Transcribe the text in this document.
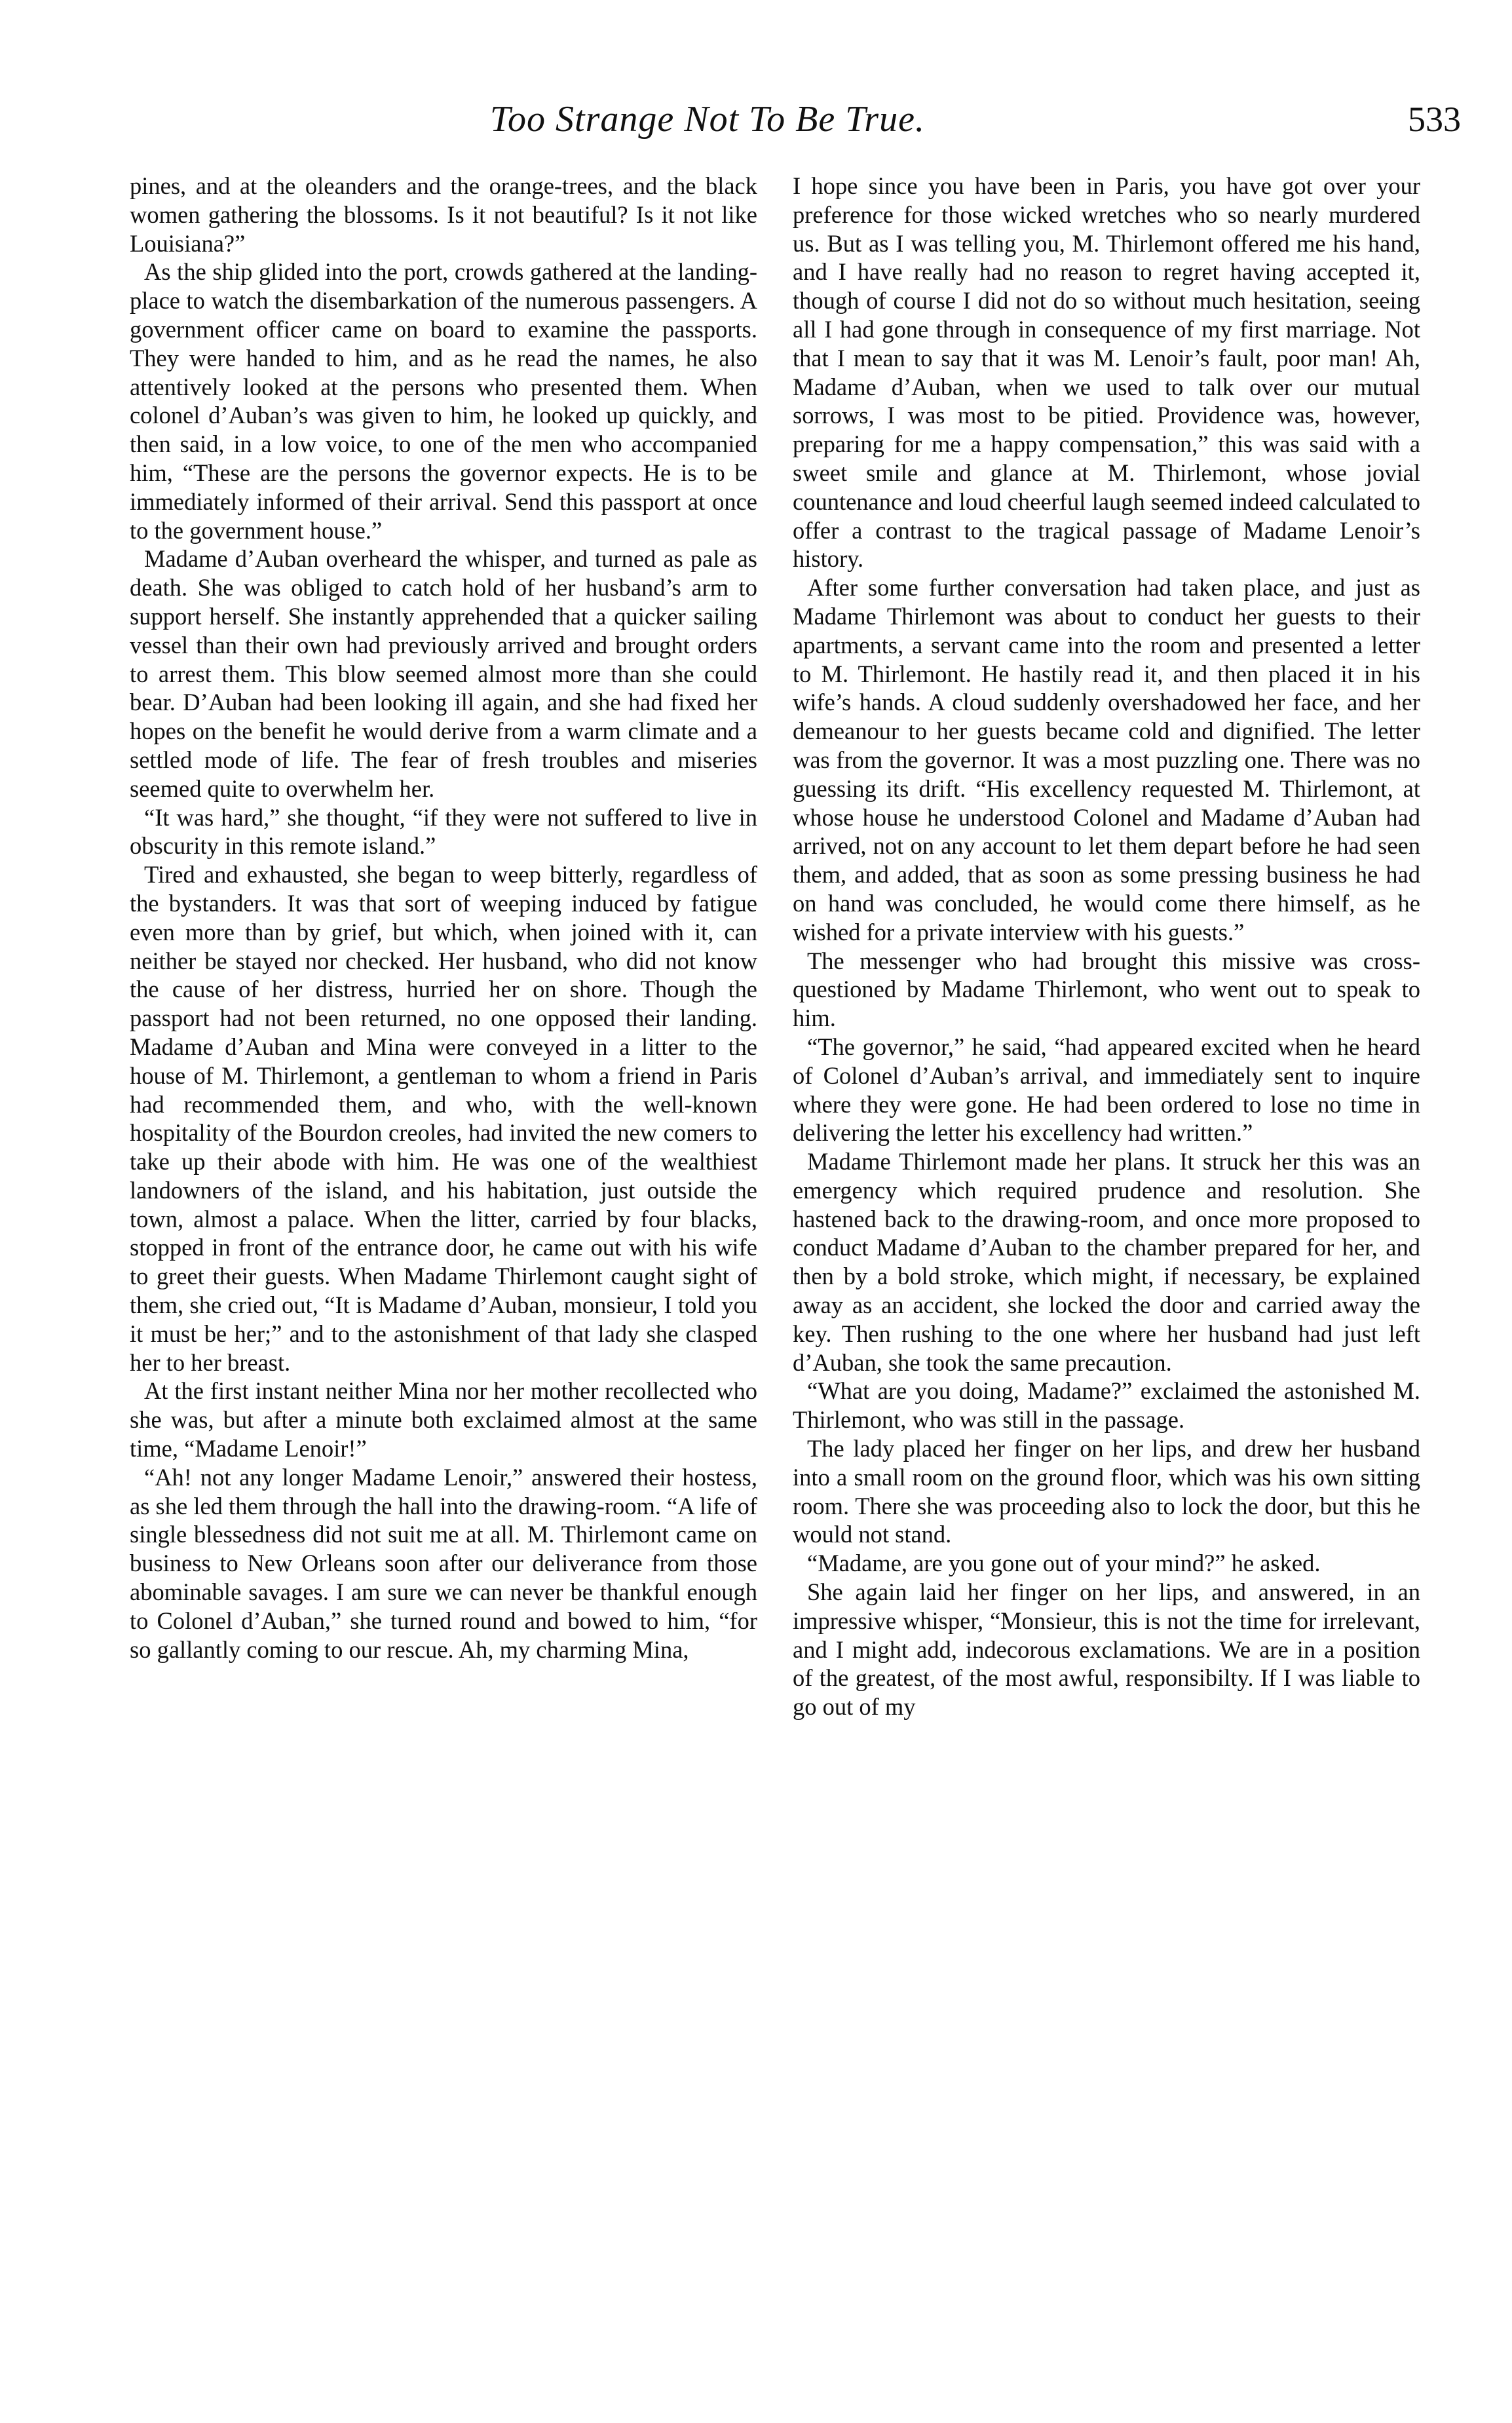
Too Strange Not To Be True.	533

pines, and at the oleanders and the orange-trees, and the black women gathering the blossoms. Is it not beautiful? Is it not like Louisiana?”

As the ship glided into the port, crowds gathered at the landing-place to watch the disembarkation of the numerous passengers. A government officer came on board to examine the passports. They were handed to him, and as he read the names, he also attentively looked at the persons who presented them. When colonel d’Auban’s was given to him, he looked up quickly, and then said, in a low voice, to one of the men who accompanied him, “These are the persons the governor expects. He is to be immediately informed of their arrival. Send this passport at once to the government house.”

Madame d’Auban overheard the whisper, and turned as pale as death. She was obliged to catch hold of her husband’s arm to support herself. She instantly apprehended that a quicker sailing vessel than their own had previously arrived and brought orders to arrest them. This blow seemed almost more than she could bear. D’Auban had been looking ill again, and she had fixed her hopes on the benefit he would derive from a warm climate and a settled mode of life. The fear of fresh troubles and miseries seemed quite to overwhelm her.

“It was hard,” she thought, “if they were not suffered to live in obscurity in this remote island.”

Tired and exhausted, she began to weep bitterly, regardless of the bystanders. It was that sort of weeping induced by fatigue even more than by grief, but which, when joined with it, can neither be stayed nor checked. Her husband, who did not know the cause of her distress, hurried her on shore. Though the passport had not been returned, no one opposed their landing. Madame d’Auban and Mina were conveyed in a litter to the house of M. Thirlemont, a gentleman to whom a friend in Paris had recommended them, and who, with the well-known hospitality of the Bourdon creoles, had invited the new comers to take up their abode with him. He was one of the wealthiest landowners of the island, and his habitation, just outside the town, almost a palace. When the litter, carried by four blacks, stopped in front of the entrance door, he came out with his wife to greet their guests. When Madame Thirlemont caught sight of them, she cried out, “It is Madame d’Auban, monsieur, I told you it must be her;” and to the astonishment of that lady she clasped her to her breast.

At the first instant neither Mina nor her mother recollected who she was, but after a minute both exclaimed almost at the same time, “Madame Lenoir!”

“Ah! not any longer Madame Lenoir,” answered their hostess, as she led them through the hall into the drawing-room. “A life of single blessedness did not suit me at all. M. Thirlemont came on business to New Orleans soon after our deliverance from those abominable savages. I am sure we can never be thankful enough to Colonel d’Auban,” she turned round and bowed to him, “for so gallantly coming to our rescue. Ah, my charming Mina,

I hope since you have been in Paris, you have got over your preference for those wicked wretches who so nearly murdered us. But as I was telling you, M. Thirlemont offered me his hand, and I have really had no reason to regret having accepted it, though of course I did not do so without much hesitation, seeing all I had gone through in consequence of my first marriage. Not that I mean to say that it was M. Lenoir’s fault, poor man! Ah, Madame d’Auban, when we used to talk over our mutual sorrows, I was most to be pitied. Providence was, however, preparing for me a happy compensation,” this was said with a sweet smile and glance at M. Thirlemont, whose jovial countenance and loud cheerful laugh seemed indeed calculated to offer a contrast to the tragical passage of Madame Lenoir’s history.

After some further conversation had taken place, and just as Madame Thirlemont was about to conduct her guests to their apartments, a servant came into the room and presented a letter to M. Thirlemont. He hastily read it, and then placed it in his wife’s hands. A cloud suddenly overshadowed her face, and her demeanour to her guests became cold and dignified. The letter was from the governor. It was a most puzzling one. There was no guessing its drift. “His excellency requested M. Thirlemont, at whose house he understood Colonel and Madame d’Auban had arrived, not on any account to let them depart before he had seen them, and added, that as soon as some pressing business he had on hand was concluded, he would come there himself, as he wished for a private interview with his guests.”

The messenger who had brought this missive was cross-questioned by Madame Thirlemont, who went out to speak to him.

“The governor,” he said, “had appeared excited when he heard of Colonel d’Auban’s arrival, and immediately sent to inquire where they were gone. He had been ordered to lose no time in delivering the letter his excellency had written.”

Madame Thirlemont made her plans. It struck her this was an emergency which required prudence and resolution. She hastened back to the drawing-room, and once more proposed to conduct Madame d’Auban to the chamber prepared for her, and then by a bold stroke, which might, if necessary, be explained away as an accident, she locked the door and carried away the key. Then rushing to the one where her husband had just left d’Auban, she took the same precaution.

“What are you doing, Madame?” exclaimed the astonished M. Thirlemont, who was still in the passage.

The lady placed her finger on her lips, and drew her husband into a small room on the ground floor, which was his own sitting room. There she was proceeding also to lock the door, but this he would not stand.

“Madame, are you gone out of your mind?” he asked.

She again laid her finger on her lips, and answered, in an impressive whisper, “Monsieur, this is not the time for irrelevant, and I might add, indecorous exclamations. We are in a position of the greatest, of the most awful, responsibilty. If I was liable to go out of my
